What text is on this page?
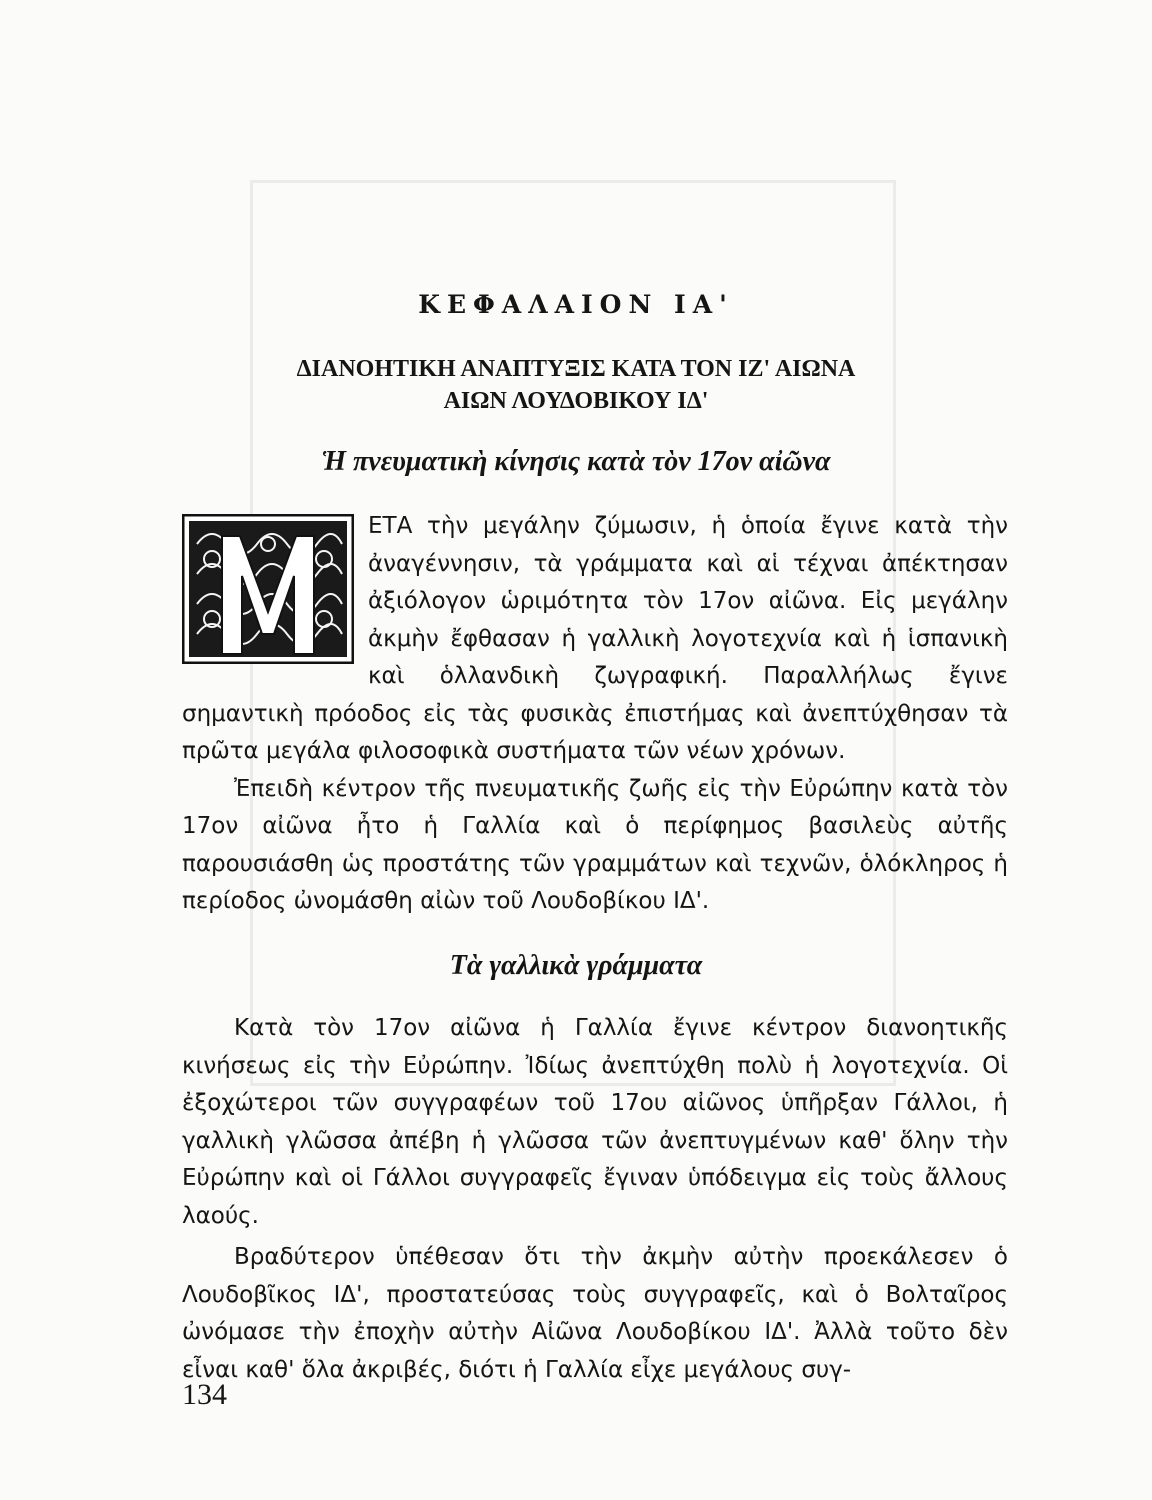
ΚΕΦΑΛΑΙΟΝ ΙΑ'
ΔΙΑΝΟΗΤΙΚΗ ΑΝΑΠΤΥΞΙΣ ΚΑΤΑ ΤΟΝ ΙΖ' ΑΙΩΝΑ
ΑΙΩΝ ΛΟΥΔΟΒΙΚΟΥ ΙΔ'
Ἡ πνευματικὴ κίνησις κατὰ τὸν 17ον αἰῶνα

ΕΤΑ τὴν μεγάλην ζύμωσιν, ἡ ὁποία ἔγινε κατὰ τὴν ἀναγέννησιν, τὰ γράμματα καὶ αἱ τέχναι ἀπέκτησαν ἀξιόλογον ὡριμότητα τὸν 17ον αἰῶνα. Εἰς μεγάλην ἀκμὴν ἔφθασαν ἡ γαλλικὴ λογοτεχνία καὶ ἡ ἱσπανικὴ καὶ ὁλλανδικὴ ζωγραφική. Παραλλήλως ἔγινε σημαντικὴ πρόοδος εἰς τὰς φυσικὰς ἐπιστήμας καὶ ἀνεπτύχθησαν τὰ πρῶτα μεγάλα φιλοσοφικὰ συστήματα τῶν νέων χρόνων.

Ἐπειδὴ κέντρον τῆς πνευματικῆς ζωῆς εἰς τὴν Εὐρώπην κατὰ τὸν 17ον αἰῶνα ἦτο ἡ Γαλλία καὶ ὁ περίφημος βασιλεὺς αὐτῆς παρουσιάσθη ὡς προστάτης τῶν γραμμάτων καὶ τεχνῶν, ὁλόκληρος ἡ περίοδος ὠνομάσθη αἰὼν τοῦ Λουδοβίκου ΙΔ'.

Τὰ γαλλικὰ γράμματα

Κατὰ τὸν 17ον αἰῶνα ἡ Γαλλία ἔγινε κέντρον διανοητικῆς κινήσεως εἰς τὴν Εὐρώπην. Ἰδίως ἀνεπτύχθη πολὺ ἡ λογοτεχνία. Οἱ ἐξοχώτεροι τῶν συγγραφέων τοῦ 17ου αἰῶνος ὑπῆρξαν Γάλλοι, ἡ γαλλικὴ γλῶσσα ἀπέβη ἡ γλῶσσα τῶν ἀνεπτυγμένων καθ' ὅλην τὴν Εὐρώπην καὶ οἱ Γάλλοι συγγραφεῖς ἔγιναν ὑπόδειγμα εἰς τοὺς ἄλλους λαούς.

Βραδύτερον ὑπέθεσαν ὅτι τὴν ἀκμὴν αὐτὴν προεκάλεσεν ὁ Λουδοβῖκος ΙΔ', προστατεύσας τοὺς συγγραφεῖς, καὶ ὁ Βολταῖρος ὠνόμασε τὴν ἐποχὴν αὐτὴν Αἰῶνα Λουδοβίκου ΙΔ'. Ἀλλὰ τοῦτο δὲν εἶναι καθ' ὅλα ἀκριβές, διότι ἡ Γαλλία εἶχε μεγάλους συγ-

134
